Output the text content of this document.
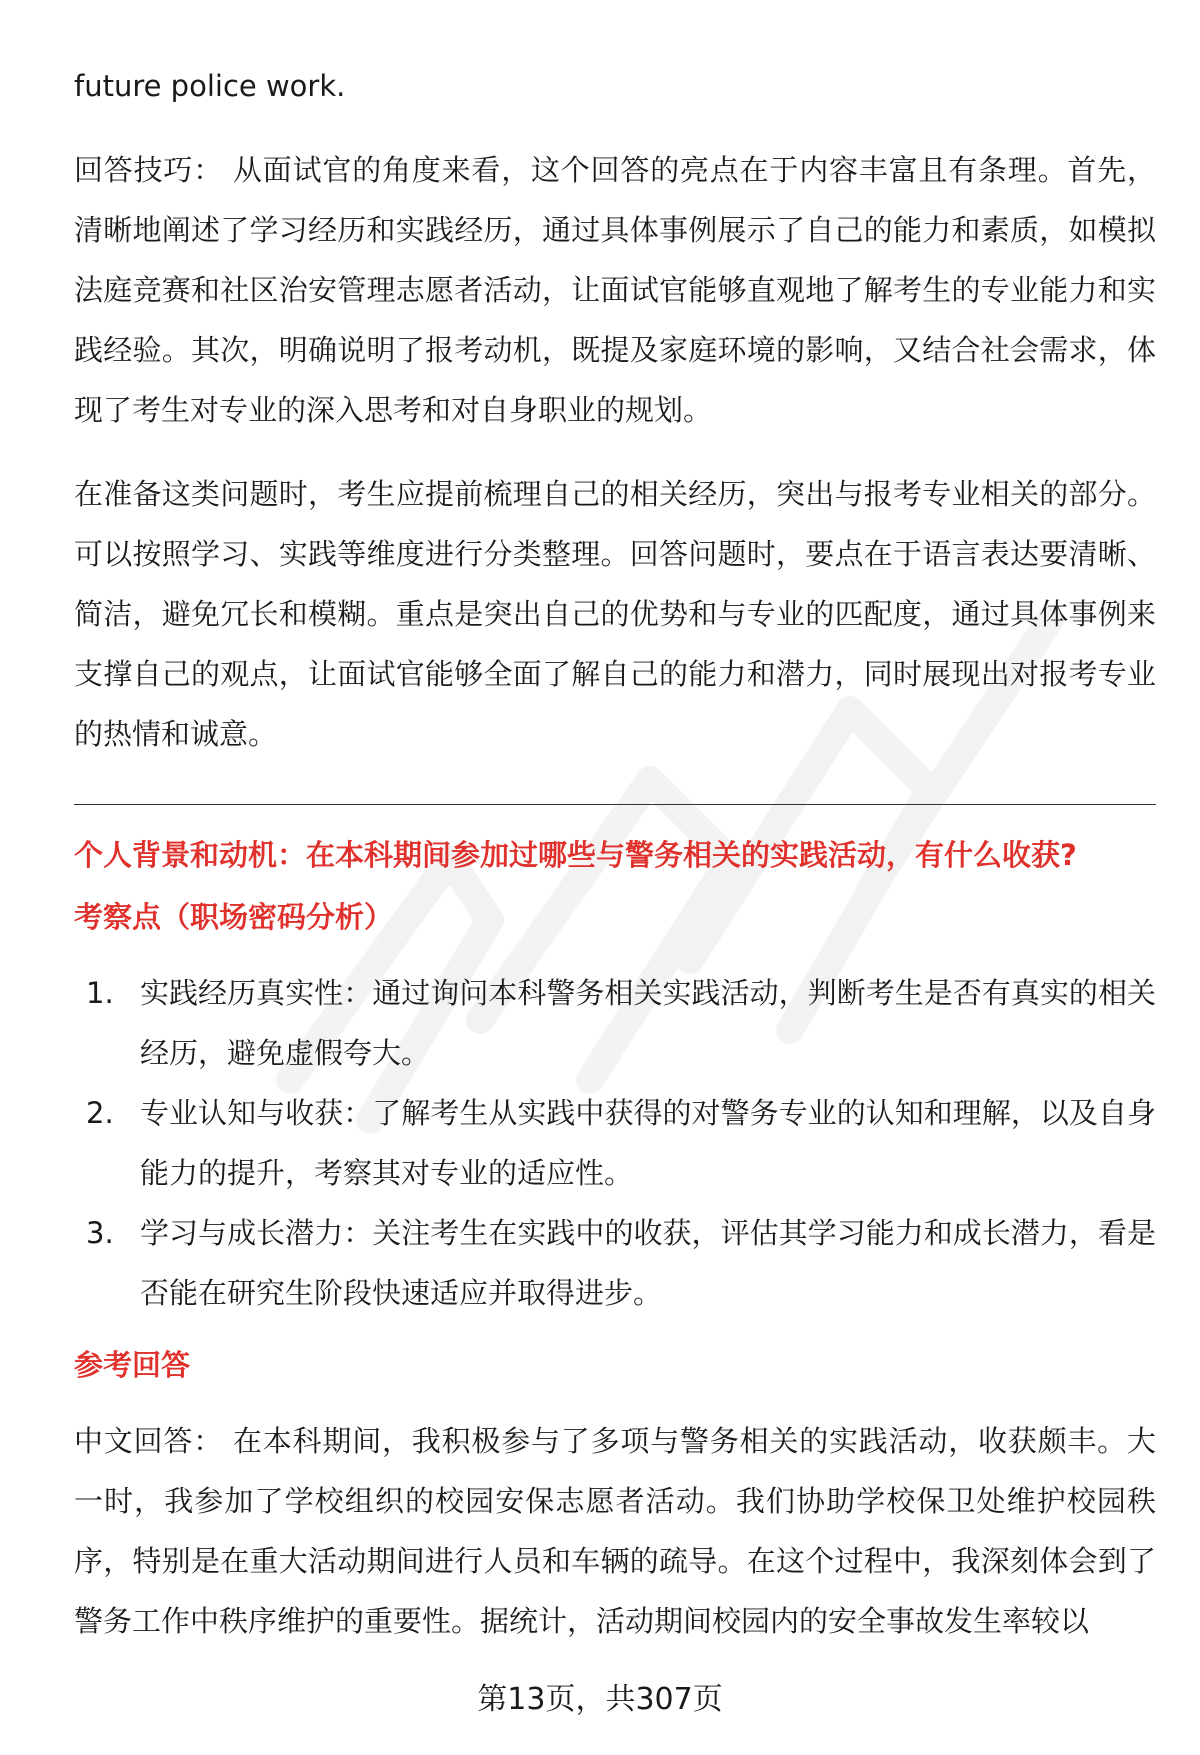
future police work.

回答技巧： 从面试官的角度来看，这个回答的亮点在于内容丰富且有条理。首先，清晰地阐述了学习经历和实践经历，通过具体事例展示了自己的能力和素质，如模拟法庭竞赛和社区治安管理志愿者活动，让面试官能够直观地了解考生的专业能力和实践经验。其次，明确说明了报考动机，既提及家庭环境的影响，又结合社会需求，体现了考生对专业的深入思考和对自身职业的规划。

在准备这类问题时，考生应提前梳理自己的相关经历，突出与报考专业相关的部分。可以按照学习、实践等维度进行分类整理。回答问题时，要点在于语言表达要清晰、简洁，避免冗长和模糊。重点是突出自己的优势和与专业的匹配度，通过具体事例来支撑自己的观点，让面试官能够全面了解自己的能力和潜力，同时展现出对报考专业的热情和诚意。

个人背景和动机：在本科期间参加过哪些与警务相关的实践活动，有什么收获?

考察点（职场密码分析）

1. 实践经历真实性：通过询问本科警务相关实践活动，判断考生是否有真实的相关经历，避免虚假夸大。
2. 专业认知与收获：了解考生从实践中获得的对警务专业的认知和理解，以及自身能力的提升，考察其对专业的适应性。
3. 学习与成长潜力：关注考生在实践中的收获，评估其学习能力和成长潜力，看是否能在研究生阶段快速适应并取得进步。

参考回答

中文回答： 在本科期间，我积极参与了多项与警务相关的实践活动，收获颇丰。大一时，我参加了学校组织的校园安保志愿者活动。我们协助学校保卫处维护校园秩序，特别是在重大活动期间进行人员和车辆的疏导。在这个过程中，我深刻体会到了警务工作中秩序维护的重要性。据统计，活动期间校园内的安全事故发生率较以

第13页，共307页
